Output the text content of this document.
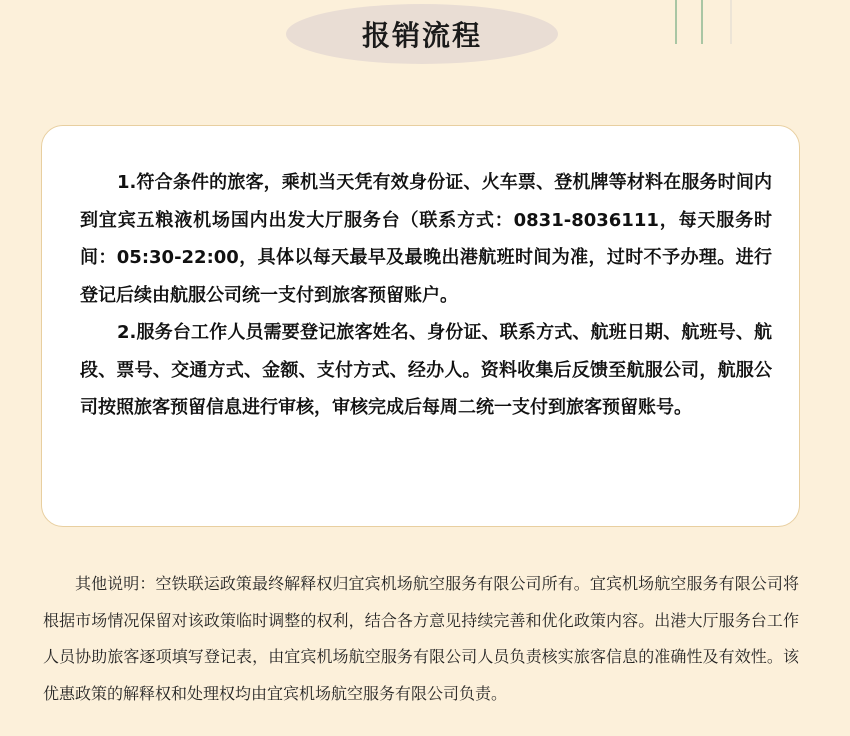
报销流程

1.符合条件的旅客，乘机当天凭有效身份证、火车票、登机牌等材料在服务时间内到宜宾五粮液机场国内出发大厅服务台（联系方式：0831-8036111，每天服务时间：05:30-22:00，具体以每天最早及最晚出港航班时间为准，过时不予办理。进行登记后续由航服公司统一支付到旅客预留账户。

2.服务台工作人员需要登记旅客姓名、身份证、联系方式、航班日期、航班号、航段、票号、交通方式、金额、支付方式、经办人。资料收集后反馈至航服公司，航服公司按照旅客预留信息进行审核，审核完成后每周二统一支付到旅客预留账号。

其他说明：空铁联运政策最终解释权归宜宾机场航空服务有限公司所有。宜宾机场航空服务有限公司将根据市场情况保留对该政策临时调整的权利，结合各方意见持续完善和优化政策内容。出港大厅服务台工作人员协助旅客逐项填写登记表，由宜宾机场航空服务有限公司人员负责核实旅客信息的准确性及有效性。该优惠政策的解释权和处理权均由宜宾机场航空服务有限公司负责。
